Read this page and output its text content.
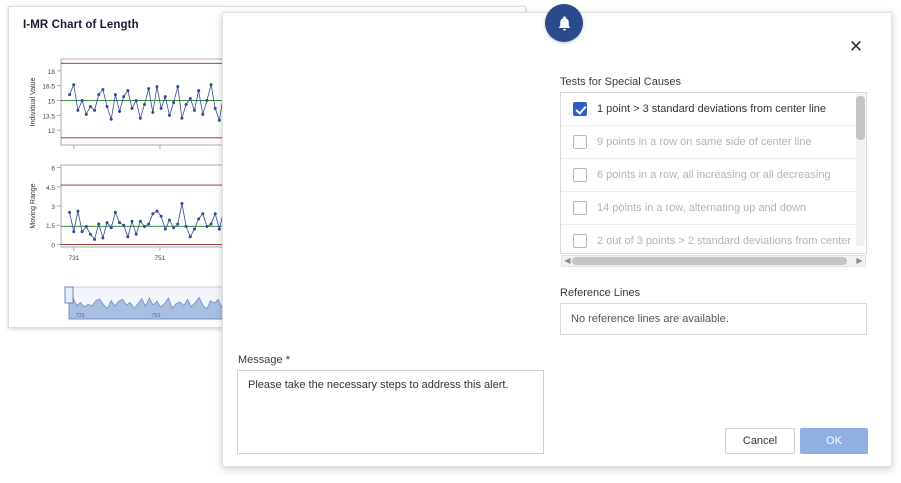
I-MR Chart of Length
12
13.5
15
16.5
18
Individual Value
0
1.5
3
4.5
6
731	751
Moving Range
731	751
✕
Tests for Special Causes
1 point > 3 standard deviations from center line
9 points in a row on same side of center line
6 points in a row, all increasing or all decreasing
14 points in a row, alternating up and down
2 out of 3 points > 2 standard deviations from center
◀	▶
Reference Lines
No reference lines are available.
Message *
Please take the necessary steps to address this alert.
Cancel	OK
